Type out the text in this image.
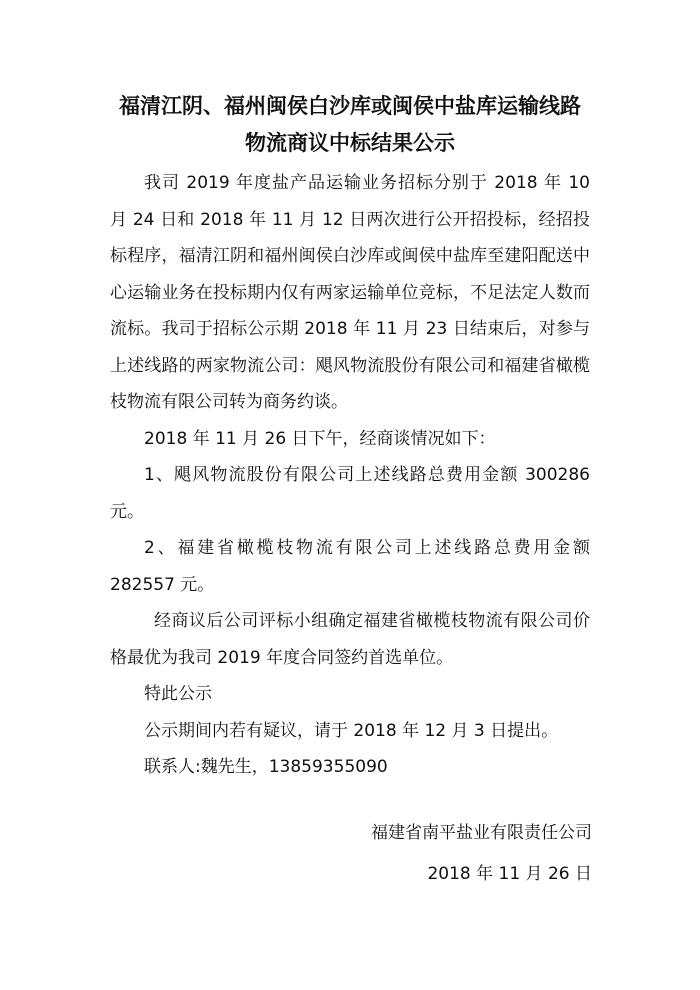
福清江阴、福州闽侯白沙库或闽侯中盐库运输线路
物流商议中标结果公示

我司 2019 年度盐产品运输业务招标分别于 2018 年 10 月 24 日和 2018 年 11 月 12 日两次进行公开招投标，经招投标程序，福清江阴和福州闽侯白沙库或闽侯中盐库至建阳配送中心运输业务在投标期内仅有两家运输单位竞标，不足法定人数而流标。我司于招标公示期 2018 年 11 月 23 日结束后，对参与上述线路的两家物流公司：飓风物流股份有限公司和福建省橄榄枝物流有限公司转为商务约谈。

2018 年 11 月 26 日下午，经商谈情况如下：

1、飓风物流股份有限公司上述线路总费用金额 300286 元。

2、福建省橄榄枝物流有限公司上述线路总费用金额 282557 元。

经商议后公司评标小组确定福建省橄榄枝物流有限公司价格最优为我司 2019 年度合同签约首选单位。

特此公示

公示期间内若有疑议，请于 2018 年 12 月 3 日提出。

联系人:魏先生，13859355090

福建省南平盐业有限责任公司
2018 年 11 月 26 日
